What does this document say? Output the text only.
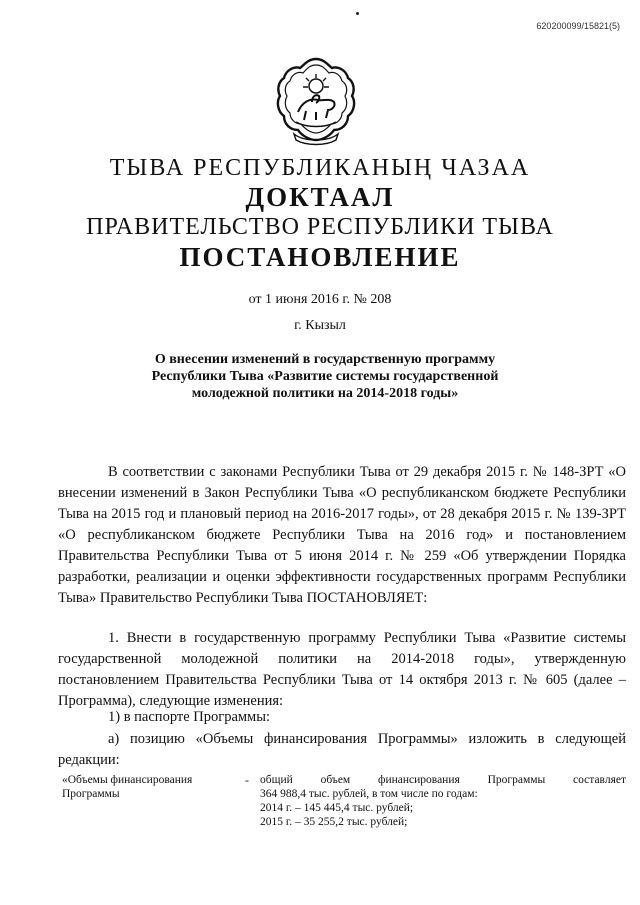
620200099/15821(5)
ТЫВА РЕСПУБЛИКАНЫҢ ЧАЗАА
ДОКТААЛ
ПРАВИТЕЛЬСТВО РЕСПУБЛИКИ ТЫВА
ПОСТАНОВЛЕНИЕ
от 1 июня 2016 г. № 208
г. Кызыл
О внесении изменений в государственную программу Республики Тыва «Развитие системы государственной молодежной политики на 2014-2018 годы»
В соответствии с законами Республики Тыва от 29 декабря 2015 г. № 148-ЗРТ «О внесении изменений в Закон Республики Тыва «О республиканском бюджете Республики Тыва на 2015 год и плановый период на 2016-2017 годы», от 28 декабря 2015 г. № 139-ЗРТ «О республиканском бюджете Республики Тыва на 2016 год» и постановлением Правительства Республики Тыва от 5 июня 2014 г. № 259 «Об утверждении Порядка разработки, реализации и оценки эффективности государственных программ Республики Тыва» Правительство Республики Тыва ПОСТАНОВЛЯЕТ:
1. Внести в государственную программу Республики Тыва «Развитие системы государственной молодежной политики на 2014-2018 годы», утвержденную постановлением Правительства Республики Тыва от 14 октября 2013 г. № 605 (далее – Программа), следующие изменения:
1) в паспорте Программы:
а) позицию «Объемы финансирования Программы» изложить в следующей редакции:
«Объемы финансирования Программы
- общий объем финансирования Программы составляет
364 988,4 тыс. рублей, в том числе по годам:
2014 г. – 145 445,4 тыс. рублей;
2015 г. – 35 255,2 тыс. рублей;
